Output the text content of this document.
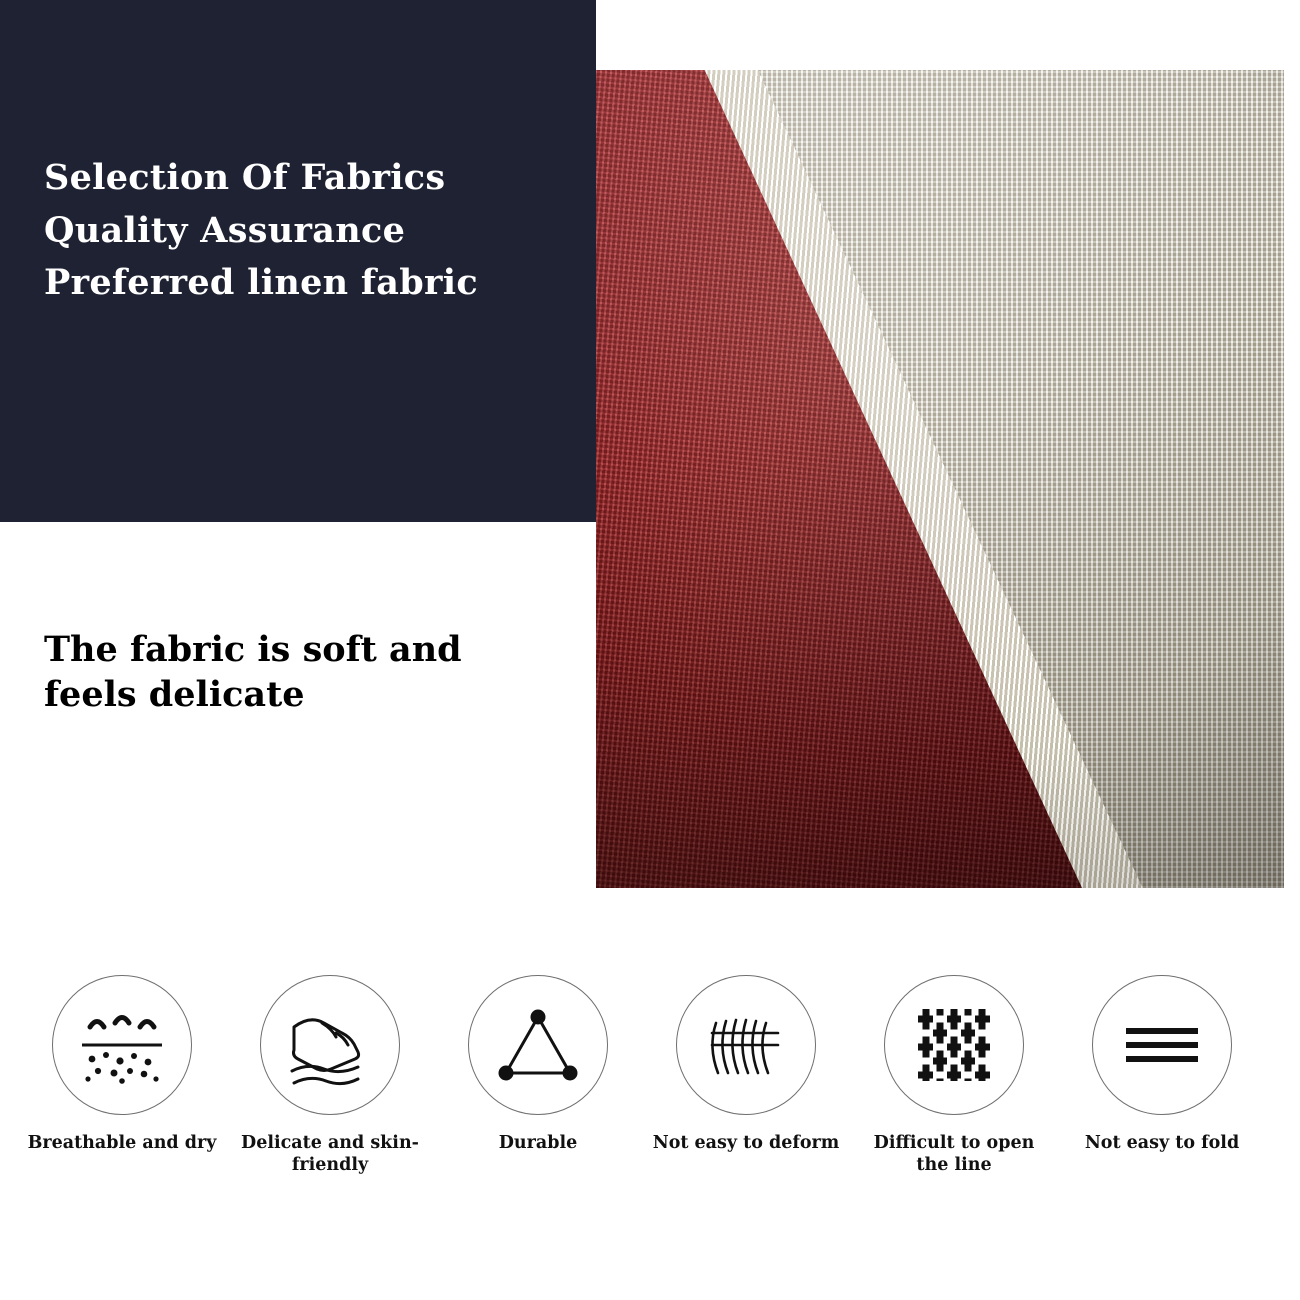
Selection Of Fabrics
Quality Assurance
Preferred linen fabric
The fabric is soft and feels delicate
Breathable and dry	Delicate and skin-friendly
Durable	Not easy to deform	Difficult to open the line
Not easy to fold
